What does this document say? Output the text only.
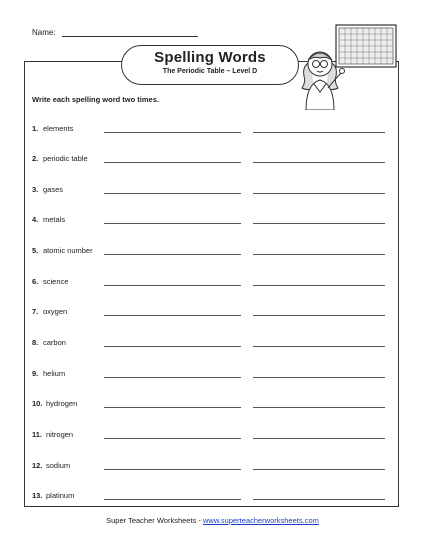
Name:
Spelling Words
The Periodic Table – Level D
Write each spelling word two times.
1. elements
2. periodic table
3. gases
4. metals
5. atomic number
6. science
7. oxygen
8. carbon
9. helium
10. hydrogen
11. nitrogen
12. sodium
13. platinum
Super Teacher Worksheets - www.superteacherworksheets.com
